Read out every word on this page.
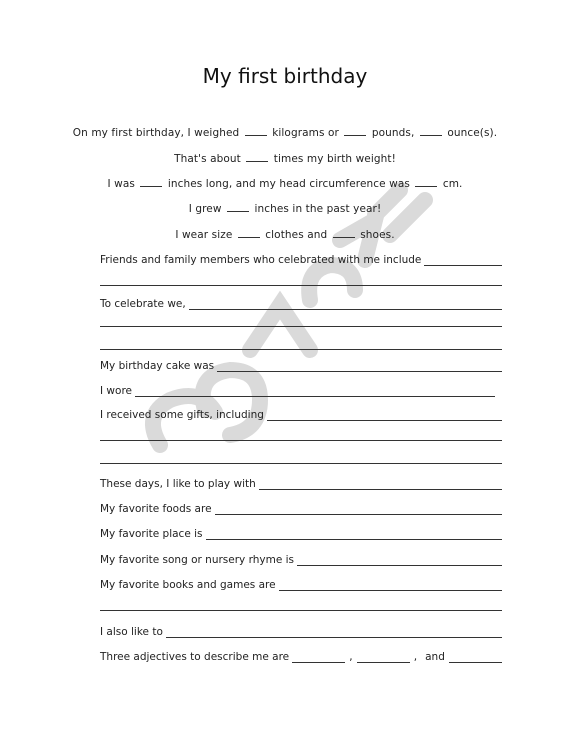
My first birthday
On my first birthday, I weighed	kilograms or	pounds,	ounce(s).
That's about	times my birth weight!
I was	inches long, and my head circumference was	cm.
I grew	inches in the past year!
I wear size	clothes and	shoes.
Friends and family members who celebrated with me include
To celebrate we,
My birthday cake was
I wore
I received some gifts, including
These days, I like to play with
My favorite foods are
My favorite place is
My favorite song or nursery rhyme is
My favorite books and games are
I also like to
Three adjectives to describe me are	,	, and
